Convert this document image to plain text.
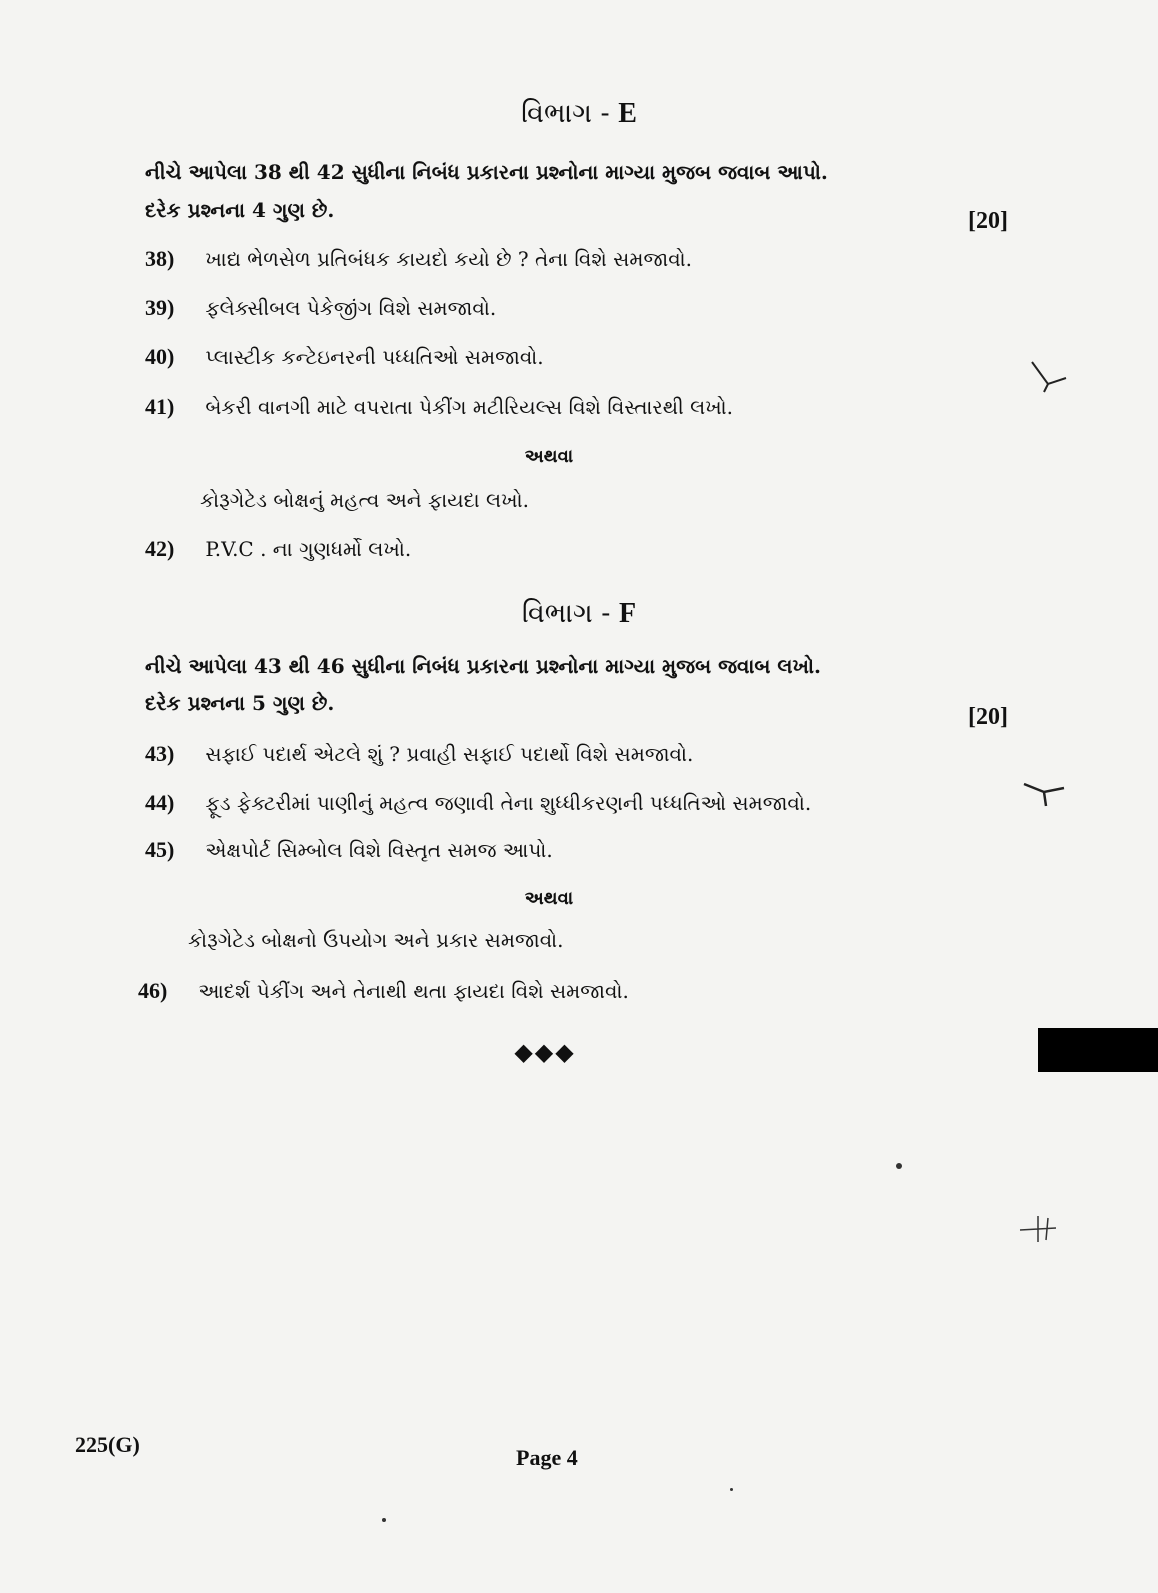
વિભાગ - E
નીચે આપેલા 38 થી 42 સુધીના નિબંધ પ્રકારના પ્રશ્નોના માગ્યા મુજબ જવાબ આપો.
દરેક પ્રશ્નના 4 ગુણ છે.	[20]
38) ખાદ્ય ભેળસેળ પ્રતિબંધક કાયદો કયો છે ? તેના વિશે સમજાવો.
39) ફલેક્સીબલ પેકેજીંગ વિશે સમજાવો.
40) પ્લાસ્ટીક કન્ટેઇનરની પધ્ધતિઓ સમજાવો.
41) બેકરી વાનગી માટે વપરાતા પેકીંગ મટીરિયલ્સ વિશે વિસ્તારથી લખો.
અથવા
કોરૂગેટેડ બોક્ષનું મહત્વ અને ફાયદા લખો.
42) P.V.C . ના ગુણધર્મો લખો.
વિભાગ - F
નીચે આપેલા 43 થી 46 સુધીના નિબંધ પ્રકારના પ્રશ્નોના માગ્યા મુજબ જવાબ લખો.
દરેક પ્રશ્નના 5 ગુણ છે.
[20]
43) સફાઈ પદાર્થ એટલે શું ? પ્રવાહી સફાઈ પદાર્થો વિશે સમજાવો.
44) ફૂડ ફેક્ટરીમાં પાણીનું મહત્વ જણાવી તેના શુધ્ધીકરણની પધ્ધતિઓ સમજાવો.
45) એક્ષપોર્ટ સિમ્બોલ વિશે વિસ્તૃત સમજ આપો.
અથવા
કોરૂગેટેડ બોક્ષનો ઉપયોગ અને પ્રકાર સમજાવો.
46) આદર્શ પેકીંગ અને તેનાથી થતા ફાયદા વિશે સમજાવો.
◆◆◆
225(G)
Page 4
